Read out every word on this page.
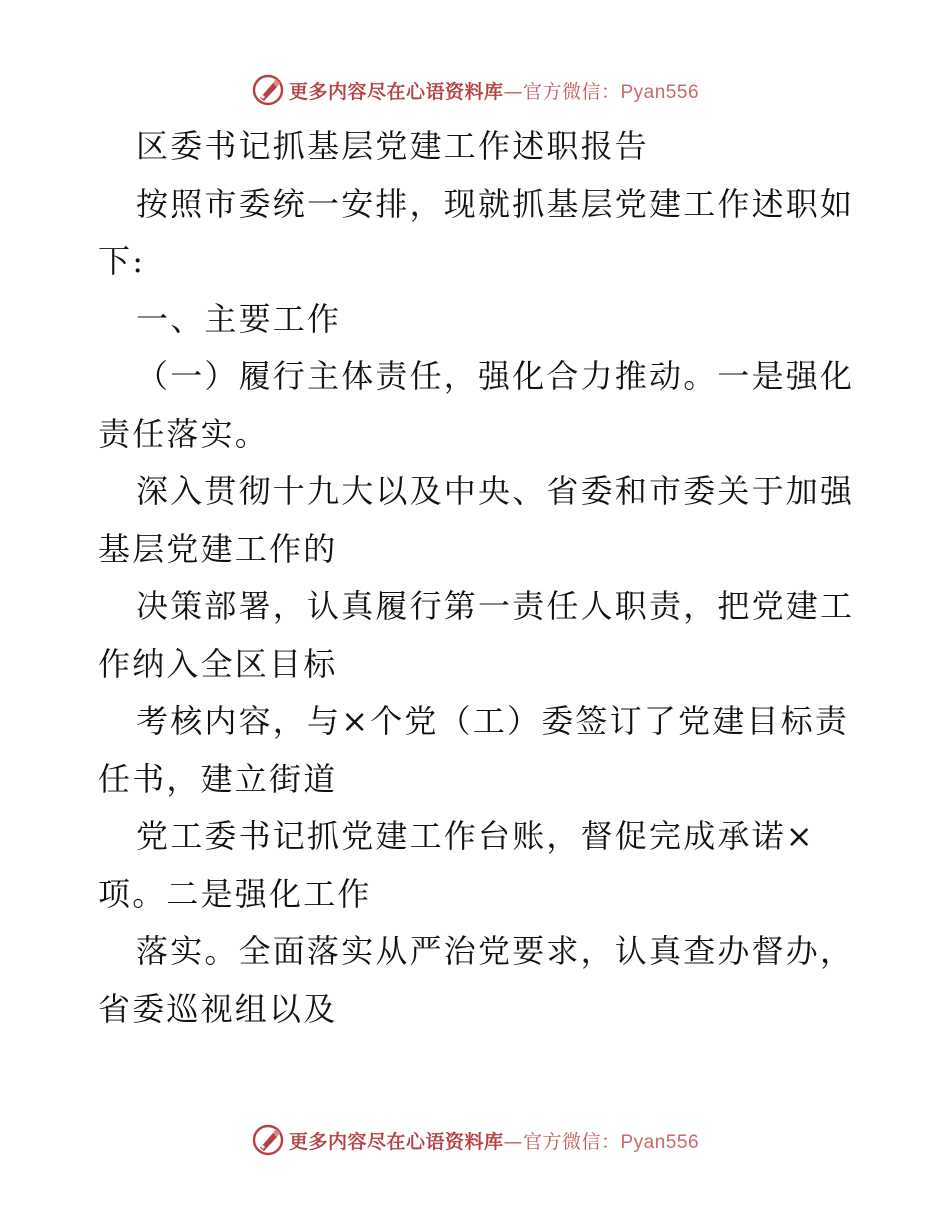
更多内容尽在心语资料库—官方微信：Pyan556
区委书记抓基层党建工作述职报告
按照市委统一安排，现就抓基层党建工作述职如
下:
一、主要工作
（一）履行主体责任，强化合力推动。一是强化
责任落实。
深入贯彻十九大以及中央、省委和市委关于加强
基层党建工作的
决策部署，认真履行第一责任人职责，把党建工
作纳入全区目标
考核内容，与×个党（工）委签订了党建目标责
任书，建立街道
党工委书记抓党建工作台账，督促完成承诺×
项。二是强化工作
落实。全面落实从严治党要求，认真查办督办，
省委巡视组以及
更多内容尽在心语资料库—官方微信：Pyan556
